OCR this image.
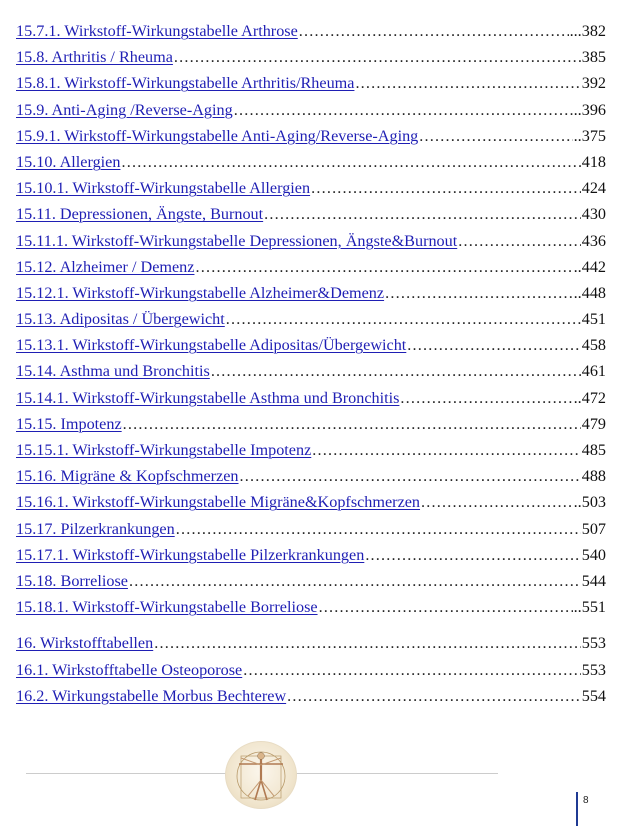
15.7.1. Wirkstoff-Wirkungstabelle Arthrose .....	...382
15.8. Arthritis / Rheuma .....	385
15.8.1. Wirkstoff-Wirkungstabelle Arthritis/Rheuma .....	392
15.9. Anti-Aging /Reverse-Aging .....	..396
15.9.1. Wirkstoff-Wirkungstabelle Anti-Aging/Reverse-Aging .....	..375
15.10. Allergien .....	418
15.10.1. Wirkstoff-Wirkungstabelle Allergien .....	424
15.11. Depressionen, Ängste, Burnout .....	430
15.11.1. Wirkstoff-Wirkungstabelle Depressionen, Ängste&Burnout .....	436
15.12. Alzheimer / Demenz .....	..442
15.12.1. Wirkstoff-Wirkungstabelle Alzheimer&Demenz .....	..448
15.13. Adipositas / Übergewicht .....	451
15.13.1. Wirkstoff-Wirkungstabelle Adipositas/Übergewicht .....	458
15.14. Asthma und Bronchitis .....	461
15.14.1. Wirkstoff-Wirkungstabelle Asthma und Bronchitis .....	..472
15.15. Impotenz .....	479
15.15.1. Wirkstoff-Wirkungstabelle Impotenz .....	485
15.16. Migräne & Kopfschmerzen .....	488
15.16.1. Wirkstoff-Wirkungstabelle Migräne&Kopfschmerzen .....	..503
15.17. Pilzerkrankungen .....	507
15.17.1. Wirkstoff-Wirkungstabelle Pilzerkrankungen .....	540
15.18. Borreliose .....	544
15.18.1. Wirkstoff-Wirkungstabelle Borreliose .....	..551
16. Wirkstofftabellen .....	553
16.1. Wirkstofftabelle Osteoporose .....	553
16.2. Wirkungstabelle Morbus Bechterew .....	554
8
